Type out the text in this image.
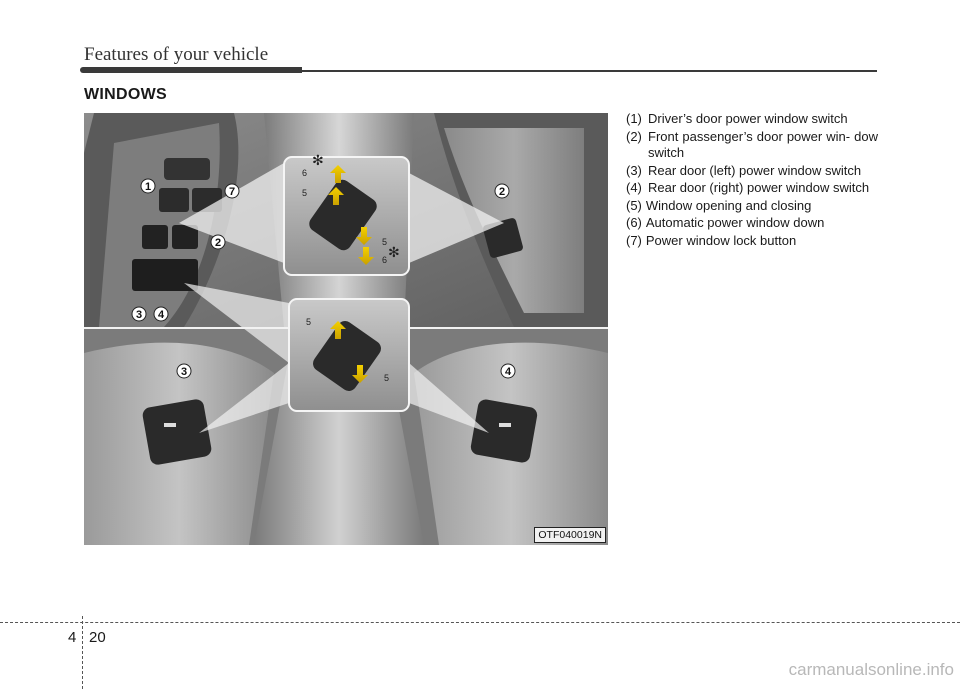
Features of your vehicle
WINDOWS
6
5
5
6
✻
✻
5
5
1	7
2
2
3 4
3	4
OTF040019N
(1) Driver’s door power window switch
(2) Front passenger’s door power win- dow switch
(3) Rear door (left) power window switch
(4) Rear door (right) power window switch
(5) Window opening and closing
(6) Automatic power window down
(7) Power window lock button
4 20
carmanualsonline.info
